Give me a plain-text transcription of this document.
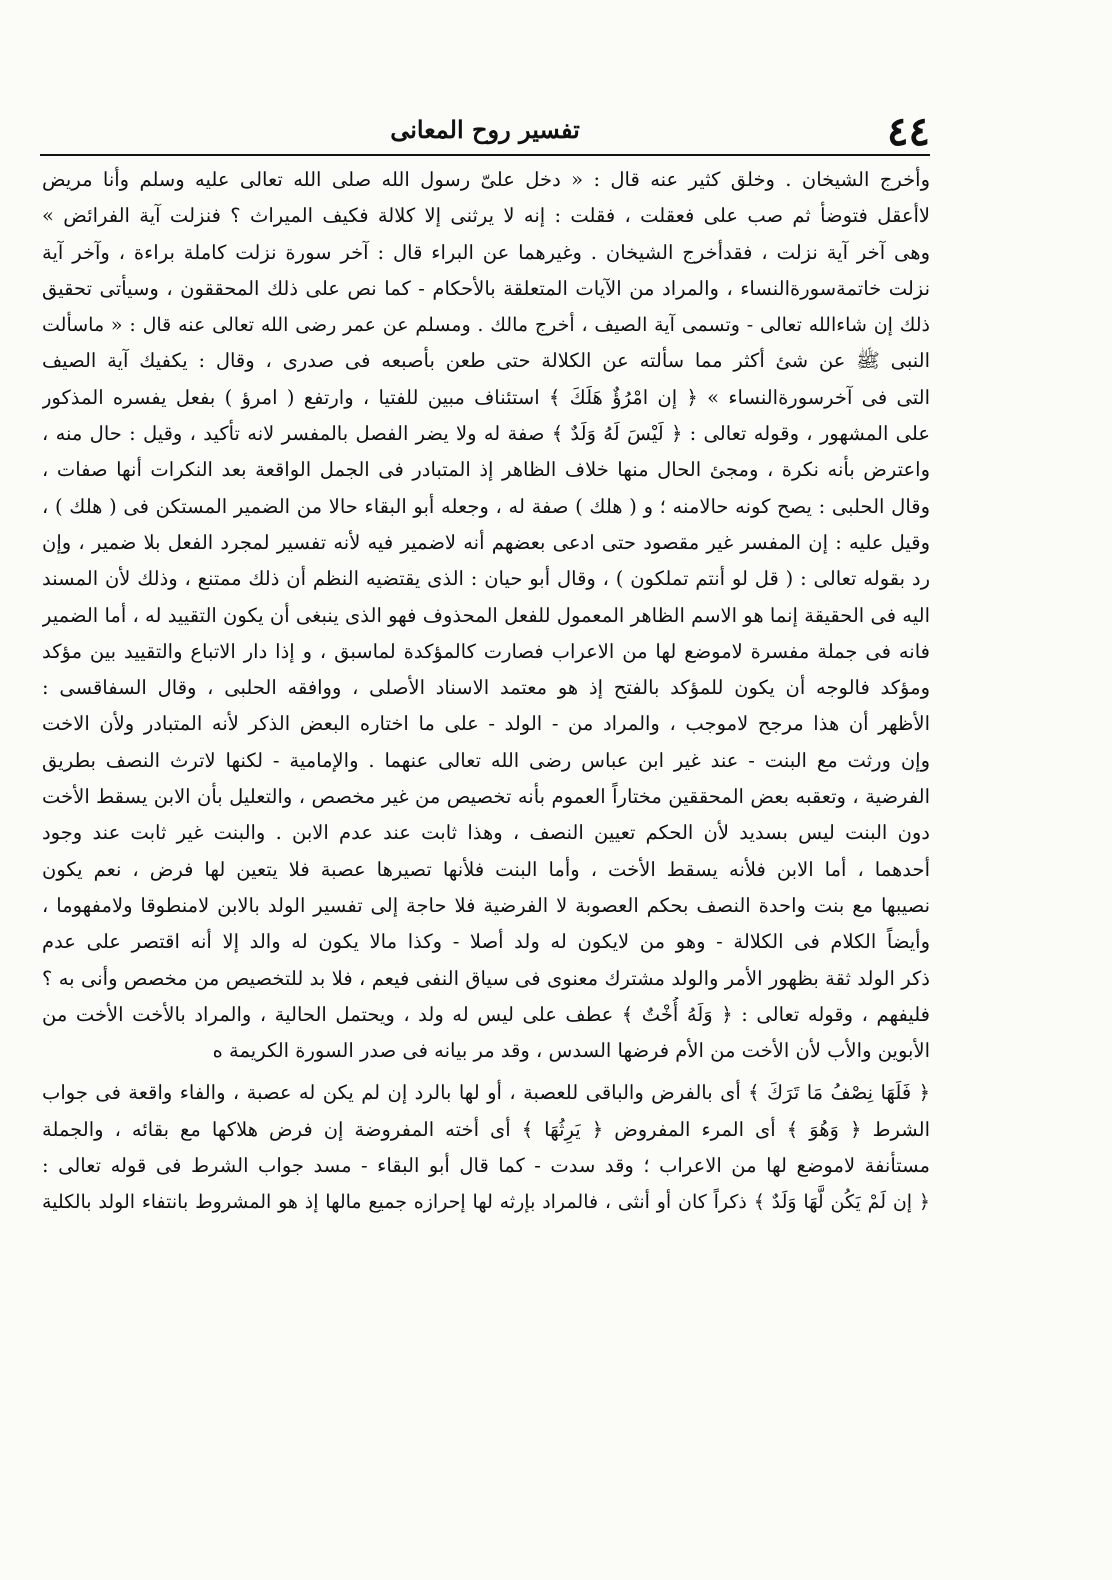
٤٤
تفسير روح المعانى
وأخرج الشيخان . وخلق كثير عنه قال : « دخل علىّ رسول الله صلى الله تعالى عليه وسلم وأنا مريض
لاأعقل فتوضأ ثم صب على فعقلت ، فقلت : إنه لا يرثنى إلا كلالة فكيف الميراث ؟ فنزلت آية الفرائض »
وهى آخر آية نزلت ، فقدأخرج الشيخان . وغيرهما عن البراء قال : آخر سورة نزلت كاملة براءة ، وآخر آية
نزلت خاتمةسورةالنساء ، والمراد من الآيات المتعلقة بالأحكام - كما نص على ذلك المحققون ، وسيأتى تحقيق
ذلك إن شاءالله تعالى - وتسمى آية الصيف ، أخرج مالك . ومسلم عن عمر رضى الله تعالى عنه قال : « ماسألت
النبى ﷺ عن شئ أكثر مما سألته عن الكلالة حتى طعن بأصبعه فى صدرى ، وقال : يكفيك آية الصيف
التى فى آخرسورةالنساء » ﴿ إن امْرُؤٌ هَلَكَ ﴾ استئناف مبين للفتيا ، وارتفع ( امرؤ ) بفعل يفسره المذكور
على المشهور ، وقوله تعالى : ﴿ لَيْسَ لَهُ وَلَدٌ ﴾ صفة له ولا يضر الفصل بالمفسر لانه تأكيد ، وقيل : حال منه ،
واعترض بأنه نكرة ، ومجئ الحال منها خلاف الظاهر إذ المتبادر فى الجمل الواقعة بعد النكرات أنها صفات ،
وقال الحلبى : يصح كونه حالامنه ؛ و ( هلك ) صفة له ، وجعله أبو البقاء حالا من الضمير المستكن فى ( هلك ) ،
وقيل عليه : إن المفسر غير مقصود حتى ادعى بعضهم أنه لاضمير فيه لأنه تفسير لمجرد الفعل بلا ضمير ، وإن
رد بقوله تعالى : ( قل لو أنتم تملكون ) ، وقال أبو حيان : الذى يقتضيه النظم أن ذلك ممتنع ، وذلك لأن المسند
اليه فى الحقيقة إنما هو الاسم الظاهر المعمول للفعل المحذوف فهو الذى ينبغى أن يكون التقييد له ، أما الضمير
فانه فى جملة مفسرة لاموضع لها من الاعراب فصارت كالمؤكدة لماسبق ، و إذا دار الاتباع والتقييد بين مؤكد
ومؤكد فالوجه أن يكون للمؤكد بالفتح إذ هو معتمد الاسناد الأصلى ، ووافقه الحلبى ، وقال السفاقسى :
الأظهر أن هذا مرجح لاموجب ، والمراد من - الولد - على ما اختاره البعض الذكر لأنه المتبادر ولأن الاخت
وإن ورثت مع البنت - عند غير ابن عباس رضى الله تعالى عنهما . والإمامية - لكنها لاترث النصف بطريق
الفرضية ، وتعقبه بعض المحققين مختاراً العموم بأنه تخصيص من غير مخصص ، والتعليل بأن الابن يسقط الأخت
دون البنت ليس بسديد لأن الحكم تعيين النصف ، وهذا ثابت عند عدم الابن . والبنت غير ثابت عند وجود
أحدهما ، أما الابن فلأنه يسقط الأخت ، وأما البنت فلأنها تصيرها عصبة فلا يتعين لها فرض ، نعم يكون
نصيبها مع بنت واحدة النصف بحكم العصوبة لا الفرضية فلا حاجة إلى تفسير الولد بالابن لامنطوقا ولامفهوما ،
وأيضاً الكلام فى الكلالة - وهو من لايكون له ولد أصلا - وكذا مالا يكون له والد إلا أنه اقتصر على عدم
ذكر الولد ثقة بظهور الأمر والولد مشترك معنوى فى سياق النفى فيعم ، فلا بد للتخصيص من مخصص وأنى به ؟
فليفهم ، وقوله تعالى : ﴿ وَلَهُ أُخْتٌ ﴾ عطف على ليس له ولد ، ويحتمل الحالية ، والمراد بالأخت الأخت من
الأبوين والأب لأن الأخت من الأم فرضها السدس ، وقد مر بيانه فى صدر السورة الكريمة ه
﴿ فَلَهَا نِصْفُ مَا تَرَكَ ﴾ أى بالفرض والباقى للعصبة ، أو لها بالرد إن لم يكن له عصبة ، والفاء واقعة فى جواب
الشرط ﴿ وَهُوَ ﴾ أى المرء المفروض ﴿ يَرِثُهَا ﴾ أى أخته المفروضة إن فرض هلاكها مع بقائه ، والجملة
مستأنفة لاموضع لها من الاعراب ؛ وقد سدت - كما قال أبو البقاء - مسد جواب الشرط فى قوله تعالى :
﴿ إن لَمْ يَكُن لَّهَا وَلَدٌ ﴾ ذكراً كان أو أنثى ، فالمراد بإرثه لها إحرازه جميع مالها إذ هو المشروط بانتفاء الولد بالكلية
